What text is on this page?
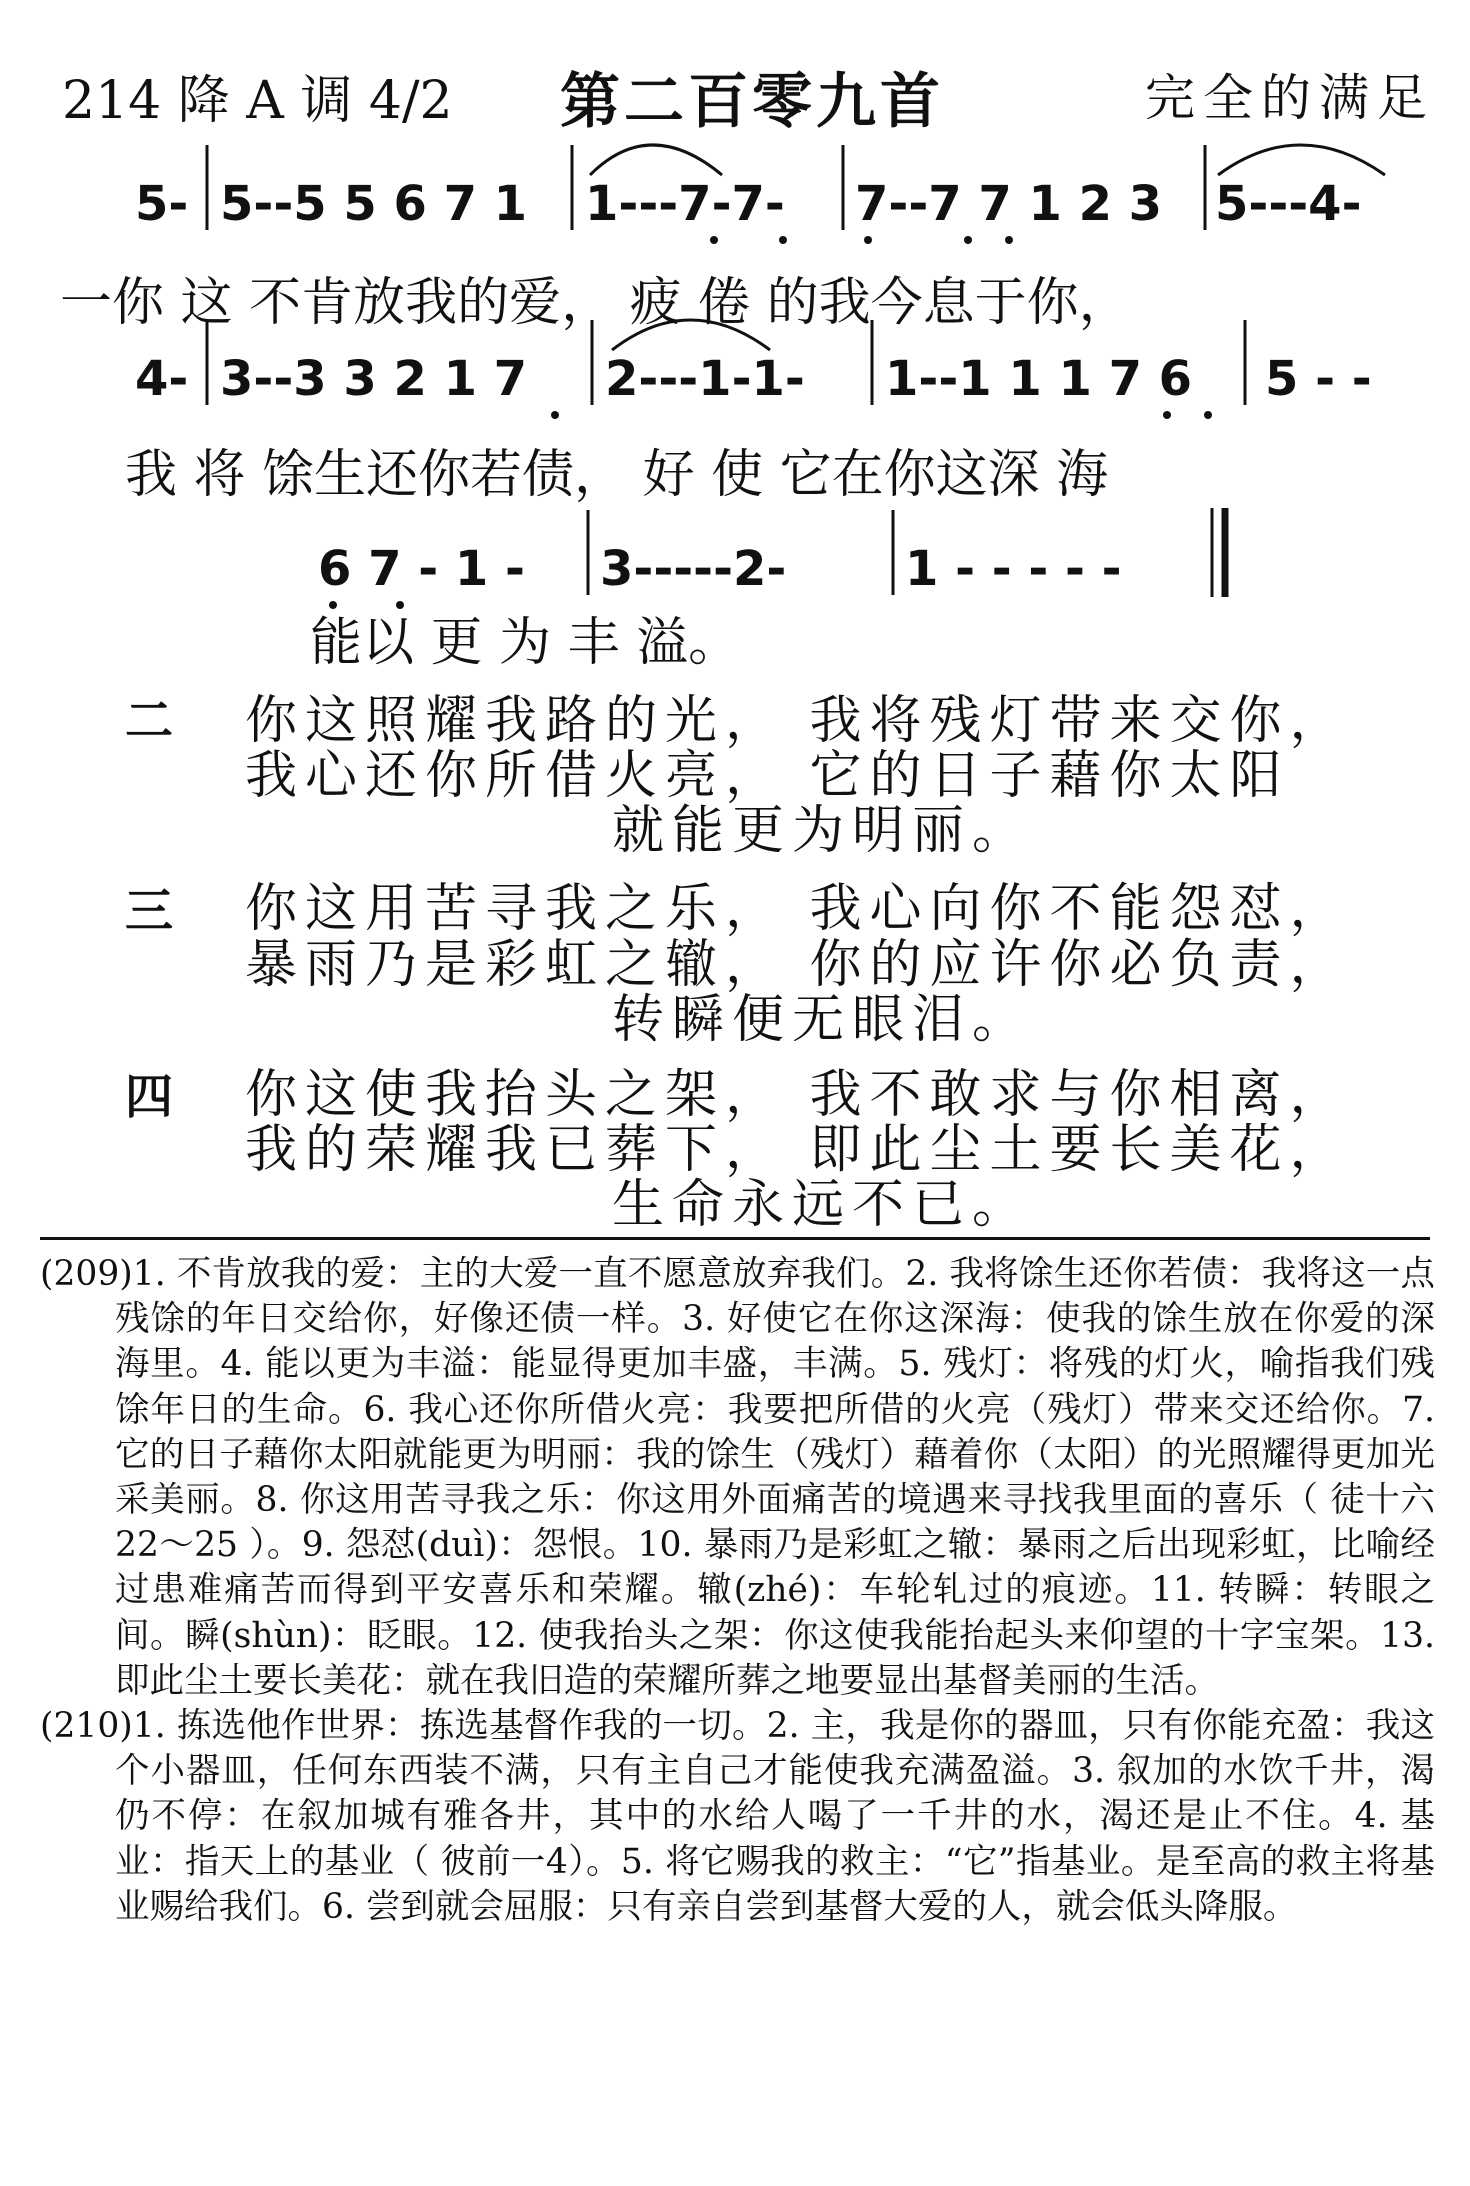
214 降 A 调 4/2 第二百零九首	完全的满足
5- 5--5 5 6 7 1 1---7-7- 7--7 7 1 2 3 5---4-
4- 3--3 3 2 1 7 2---1-1- 1--1 1 1 7 6 5 - -
6 7 - 1 - 3-----2- 1 - - - - -
一你 这 不肯放我的爱， 疲 倦 的我今息于你，
我 将 馀生还你若债， 好 使 它在你这深 海
能以 更 为 丰 溢。
二 你这照耀我路的光， 我将残灯带来交你，
我心还你所借火亮， 它的日子藉你太阳
就能更为明丽。
三 你这用苦寻我之乐， 我心向你不能怨怼，
暴雨乃是彩虹之辙， 你的应许你必负责，
转瞬便无眼泪。
四 你这使我抬头之架， 我不敢求与你相离，
我的荣耀我已葬下， 即此尘土要长美花，
生命永远不已。

(209)1. 不肯放我的爱：主的大爱一直不愿意放弃我们。2. 我将馀生还你若债：我将这一点残馀的年日交给你，好像还债一样。3. 好使它在你这深海：使我的馀生放在你爱的深海里。4. 能以更为丰溢：能显得更加丰盛，丰满。5. 残灯：将残的灯火，喻指我们残馀年日的生命。6. 我心还你所借火亮：我要把所借的火亮（残灯）带来交还给你。7. 它的日子藉你太阳就能更为明丽：我的馀生（残灯）藉着你（太阳）的光照耀得更加光采美丽。8. 你这用苦寻我之乐：你这用外面痛苦的境遇来寻找我里面的喜乐（ 徒十六 22～25 ）。9. 怨怼(duì)：怨恨。10. 暴雨乃是彩虹之辙：暴雨之后出现彩虹，比喻经过患难痛苦而得到平安喜乐和荣耀。辙(zhé)：车轮轧过的痕迹。11. 转瞬：转眼之间。瞬(shùn)：眨眼。12. 使我抬头之架：你这使我能抬起头来仰望的十字宝架。13. 即此尘土要长美花：就在我旧造的荣耀所葬之地要显出基督美丽的生活。

(210)1. 拣选他作世界：拣选基督作我的一切。2. 主，我是你的器皿，只有你能充盈：我这个小器皿，任何东西装不满，只有主自己才能使我充满盈溢。3. 叙加的水饮千井，渴仍不停：在叙加城有雅各井，其中的水给人喝了一千井的水，渴还是止不住。4. 基业：指天上的基业（ 彼前一4）。5. 将它赐我的救主：“它”指基业。是至高的救主将基业赐给我们。6. 尝到就会屈服：只有亲自尝到基督大爱的人，就会低头降服。
